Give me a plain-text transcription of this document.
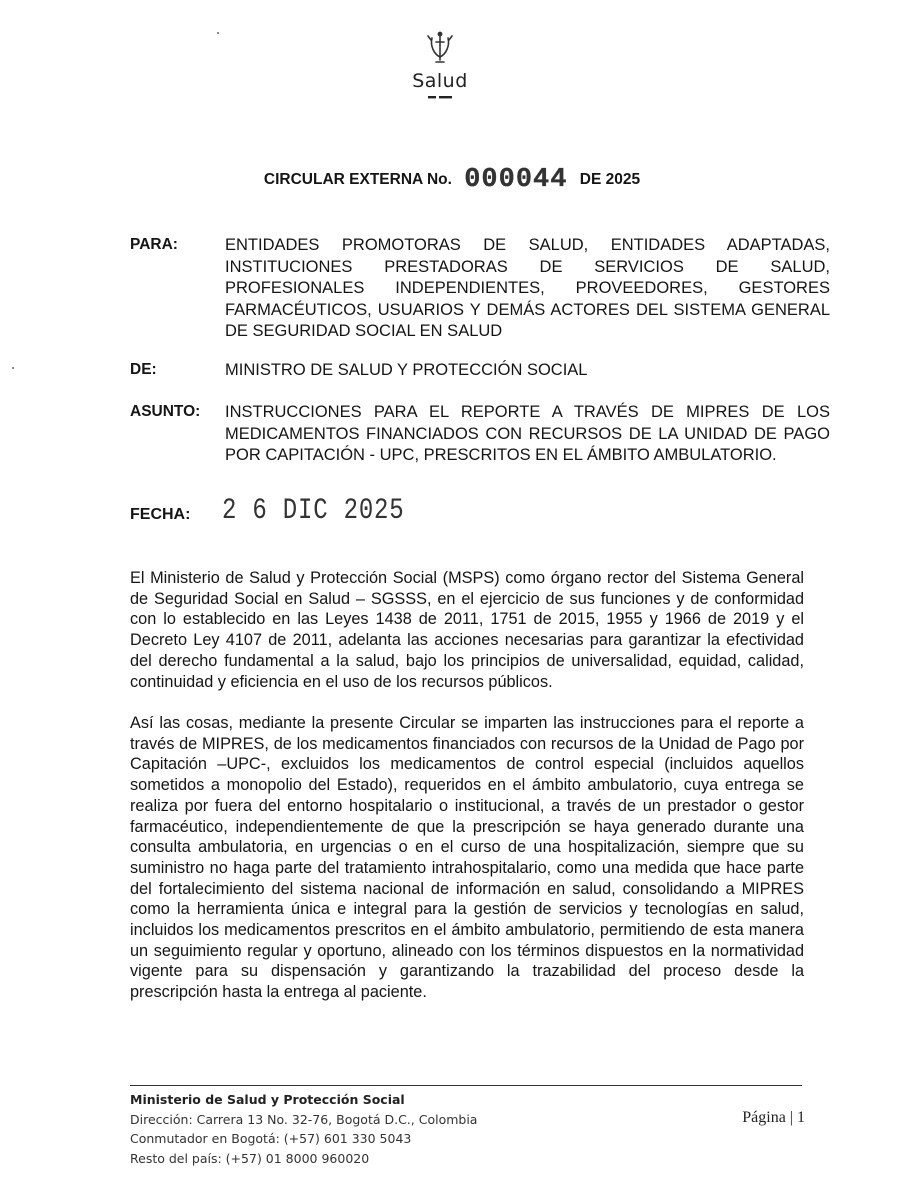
Salud
CIRCULAR EXTERNA No. 000044 DE 2025
PARA:	ENTIDADES PROMOTORAS DE SALUD, ENTIDADES ADAPTADAS, INSTITUCIONES PRESTADORAS DE SERVICIOS DE SALUD, PROFESIONALES INDEPENDIENTES, PROVEEDORES, GESTORES FARMACÉUTICOS, USUARIOS Y DEMÁS ACTORES DEL SISTEMA GENERAL DE SEGURIDAD SOCIAL EN SALUD
DE:	MINISTRO DE SALUD Y PROTECCIÓN SOCIAL
ASUNTO: INSTRUCCIONES PARA EL REPORTE A TRAVÉS DE MIPRES DE LOS MEDICAMENTOS FINANCIADOS CON RECURSOS DE LA UNIDAD DE PAGO POR CAPITACIÓN - UPC, PRESCRITOS EN EL ÁMBITO AMBULATORIO.
FECHA: 2 6 DIC 2025
El Ministerio de Salud y Protección Social (MSPS) como órgano rector del Sistema General de Seguridad Social en Salud – SGSSS, en el ejercicio de sus funciones y de conformidad con lo establecido en las Leyes 1438 de 2011, 1751 de 2015, 1955 y 1966 de 2019 y el Decreto Ley 4107 de 2011, adelanta las acciones necesarias para garantizar la efectividad del derecho fundamental a la salud, bajo los principios de universalidad, equidad, calidad, continuidad y eficiencia en el uso de los recursos públicos.
Así las cosas, mediante la presente Circular se imparten las instrucciones para el reporte a través de MIPRES, de los medicamentos financiados con recursos de la Unidad de Pago por Capitación –UPC-, excluidos los medicamentos de control especial (incluidos aquellos sometidos a monopolio del Estado), requeridos en el ámbito ambulatorio, cuya entrega se realiza por fuera del entorno hospitalario o institucional, a través de un prestador o gestor farmacéutico, independientemente de que la prescripción se haya generado durante una consulta ambulatoria, en urgencias o en el curso de una hospitalización, siempre que su suministro no haga parte del tratamiento intrahospitalario, como una medida que hace parte del fortalecimiento del sistema nacional de información en salud, consolidando a MIPRES como la herramienta única e integral para la gestión de servicios y tecnologías en salud, incluidos los medicamentos prescritos en el ámbito ambulatorio, permitiendo de esta manera un seguimiento regular y oportuno, alineado con los términos dispuestos en la normatividad vigente para su dispensación y garantizando la trazabilidad del proceso desde la prescripción hasta la entrega al paciente.
Ministerio de Salud y Protección Social
Dirección: Carrera 13 No. 32-76, Bogotá D.C., Colombia	Página | 1
Conmutador en Bogotá: (+57) 601 330 5043
Resto del país: (+57) 01 8000 960020
